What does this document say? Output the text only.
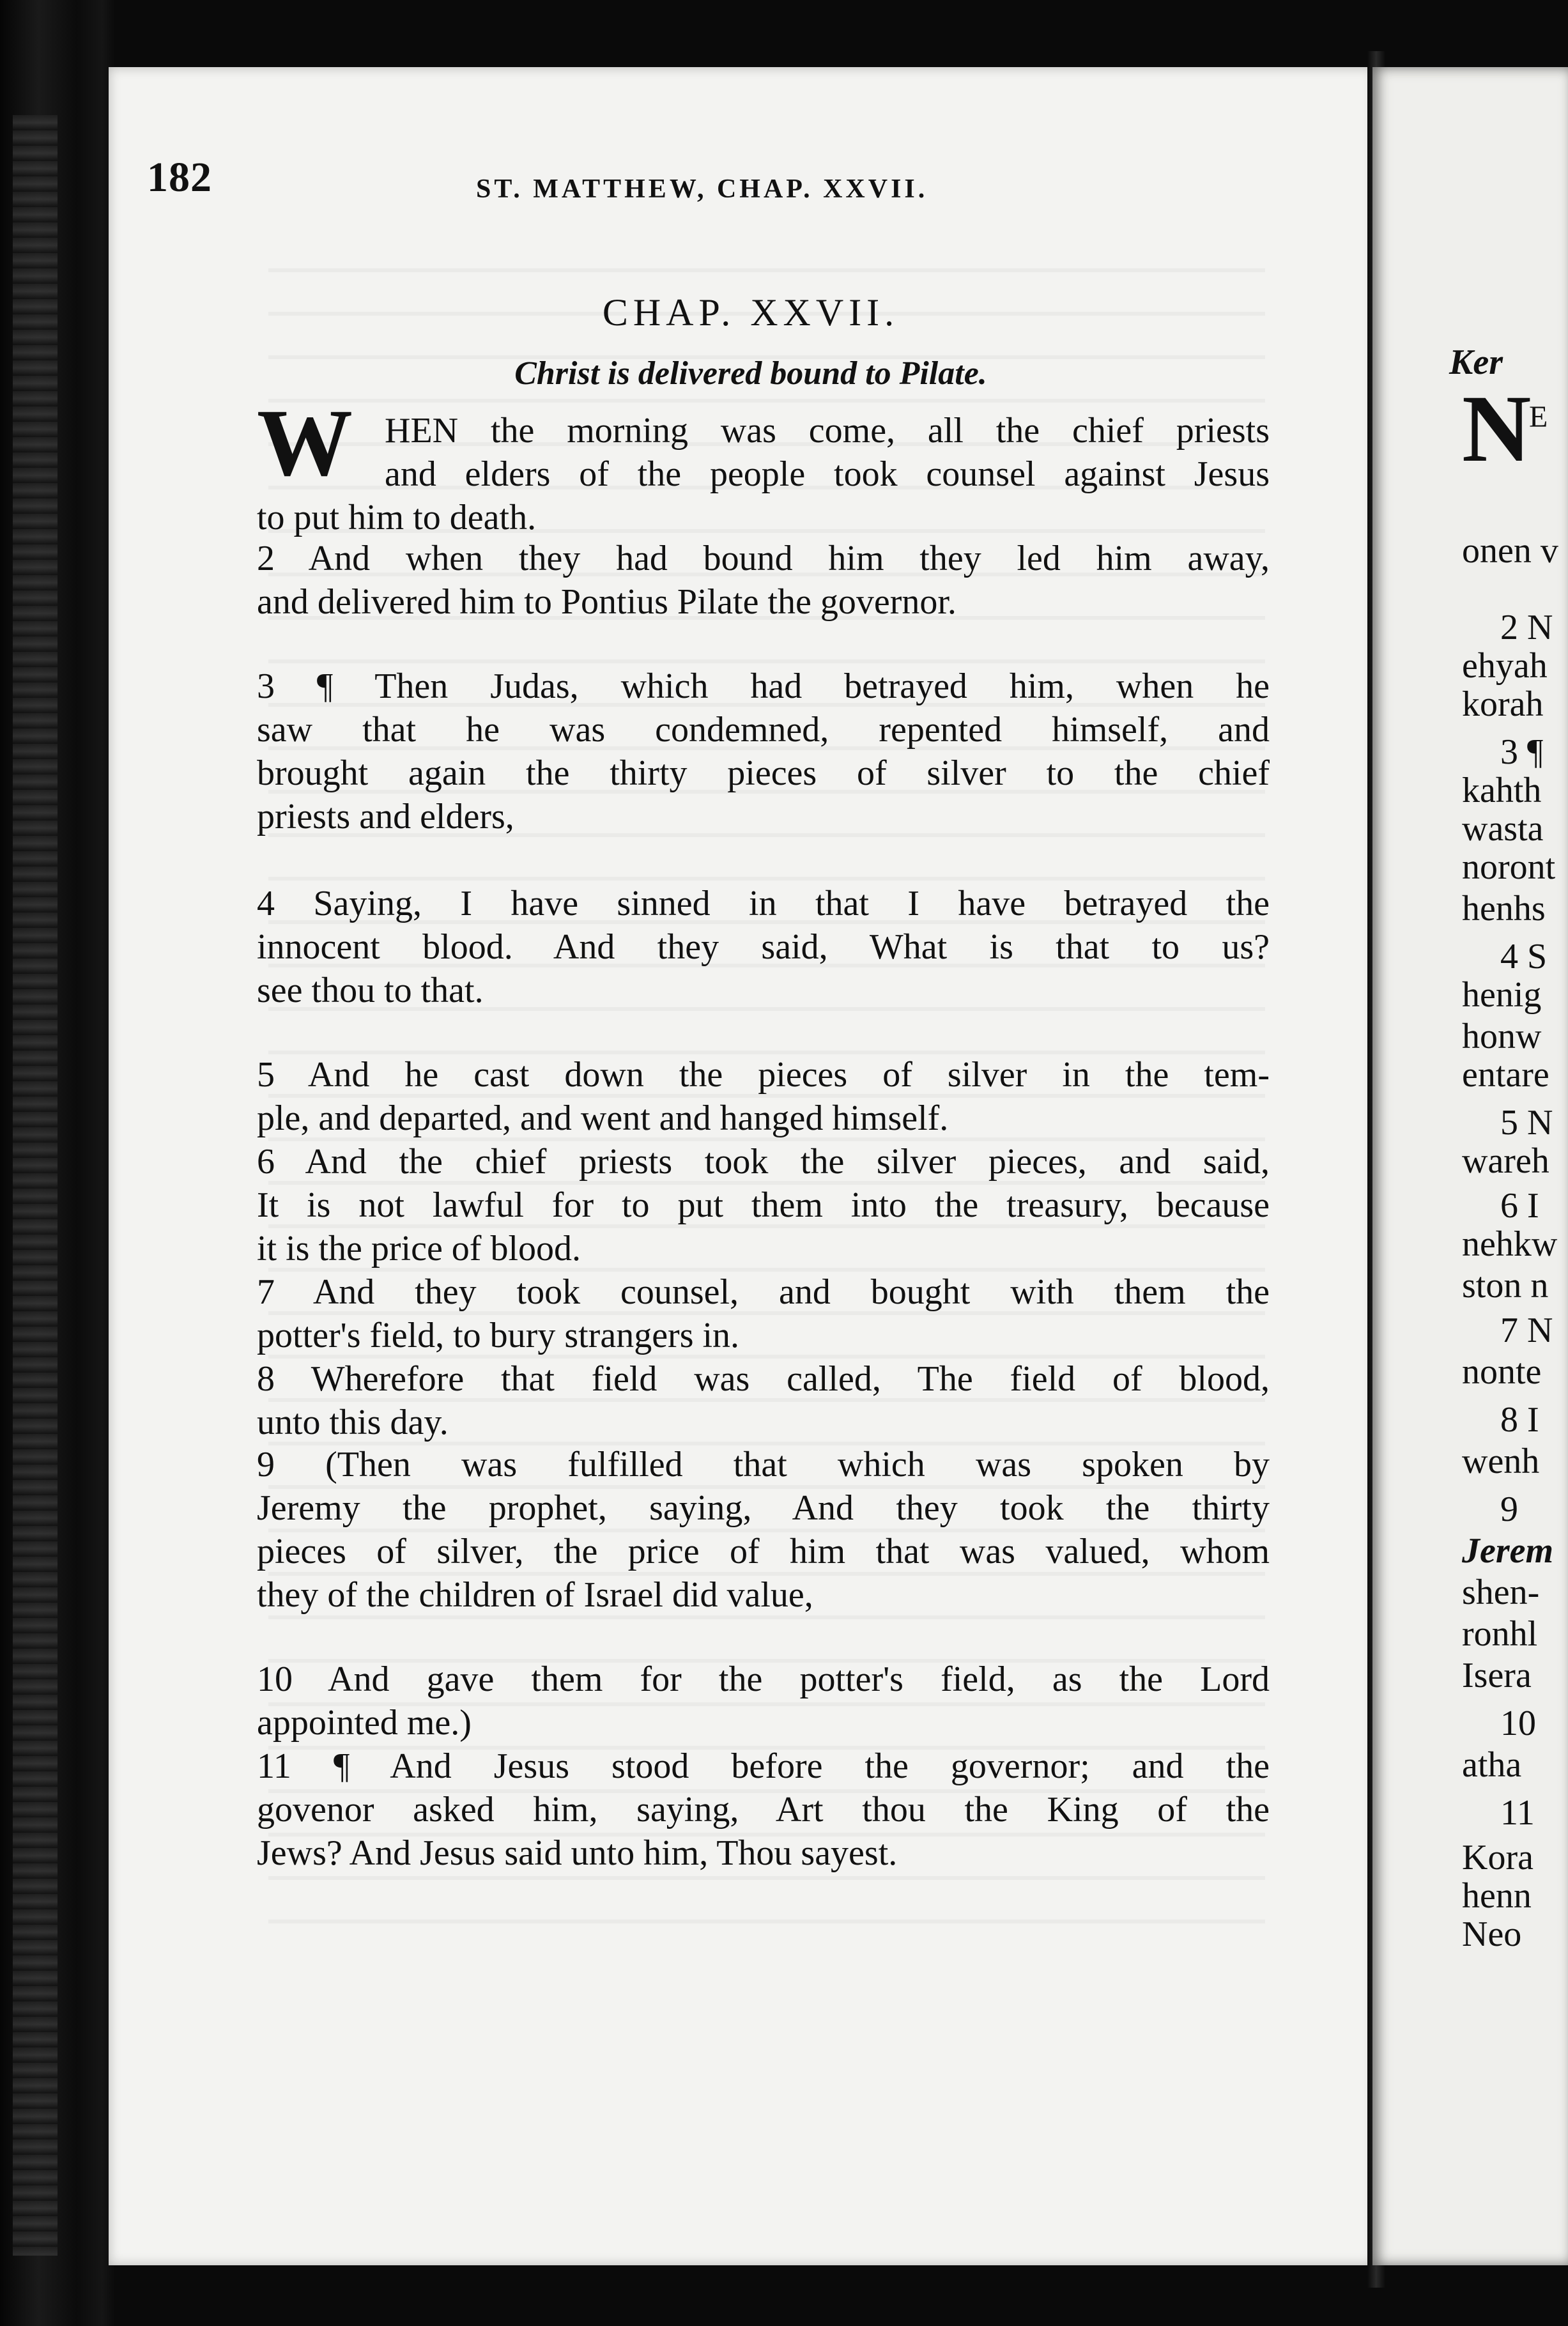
Ker
N
E
onen v
2 N
ehyah
korah
3 ¶
kahth
wasta
noront
henhs
4 S
henig
honw
entare
5 N
wareh
6 I
nehkw
ston n
7 N
nonte
8 I
wenh
9
Jerem
shen-
ronhl
Isera
10
atha
11
Kora
henn
Neo
182	ST. MATTHEW, CHAP. XXVII.
CHAP. XXVII.
Christ is delivered bound to Pilate.
W HEN the morning was come, all the chief priests
and elders of the people took counsel against Jesus
to put him to death.
2 And when they had bound him they led him away,
and delivered him to Pontius Pilate the governor.
3 ¶ Then Judas, which had betrayed him, when he
saw that he was condemned, repented himself, and
brought again the thirty pieces of silver to the chief
priests and elders,
4 Saying, I have sinned in that I have betrayed the
innocent blood. And they said, What is that to us?
see thou to that.
5 And he cast down the pieces of silver in the tem-
ple, and departed, and went and hanged himself.
6 And the chief priests took the silver pieces, and said,
It is not lawful for to put them into the treasury, because
it is the price of blood.
7 And they took counsel, and bought with them the
potter's field, to bury strangers in.
8 Wherefore that field was called, The field of blood,
unto this day.
9 (Then was fulfilled that which was spoken by
Jeremy the prophet, saying, And they took the thirty
pieces of silver, the price of him that was valued, whom
they of the children of Israel did value,
10 And gave them for the potter's field, as the Lord
appointed me.)
11 ¶ And Jesus stood before the governor; and the
govenor asked him, saying, Art thou the King of the
Jews? And Jesus said unto him, Thou sayest.
